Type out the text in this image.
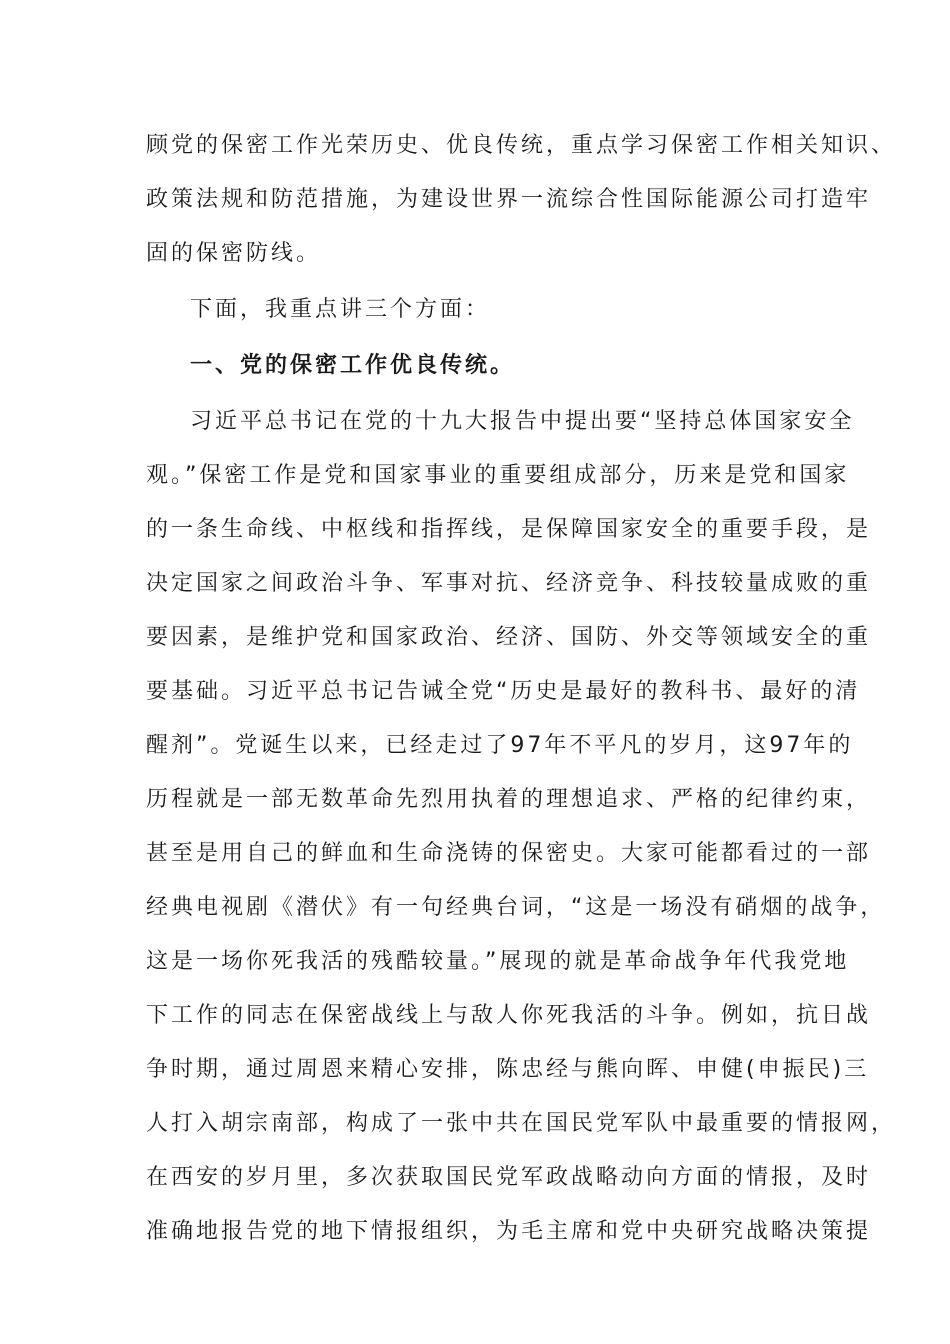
顾党的保密工作光荣历史、优良传统，重点学习保密工作相关知识、
政策法规和防范措施，为建设世界一流综合性国际能源公司打造牢
固的保密防线。
下面，我重点讲三个方面：
一、党的保密工作优良传统。
习近平总书记在党的十九大报告中提出要“坚持总体国家安全
观。”保密工作是党和国家事业的重要组成部分，历来是党和国家
的一条生命线、中枢线和指挥线，是保障国家安全的重要手段，是
决定国家之间政治斗争、军事对抗、经济竞争、科技较量成败的重
要因素，是维护党和国家政治、经济、国防、外交等领域安全的重
要基础。习近平总书记告诫全党“历史是最好的教科书、最好的清
醒剂”。党诞生以来，已经走过了97年不平凡的岁月，这97年的
历程就是一部无数革命先烈用执着的理想追求、严格的纪律约束，
甚至是用自己的鲜血和生命浇铸的保密史。大家可能都看过的一部
经典电视剧《潜伏》有一句经典台词，“这是一场没有硝烟的战争，
这是一场你死我活的残酷较量。”展现的就是革命战争年代我党地
下工作的同志在保密战线上与敌人你死我活的斗争。例如，抗日战
争时期，通过周恩来精心安排，陈忠经与熊向晖、申健(申振民)三
人打入胡宗南部，构成了一张中共在国民党军队中最重要的情报网，
在西安的岁月里，多次获取国民党军政战略动向方面的情报，及时
准确地报告党的地下情报组织，为毛主席和党中央研究战略决策提
